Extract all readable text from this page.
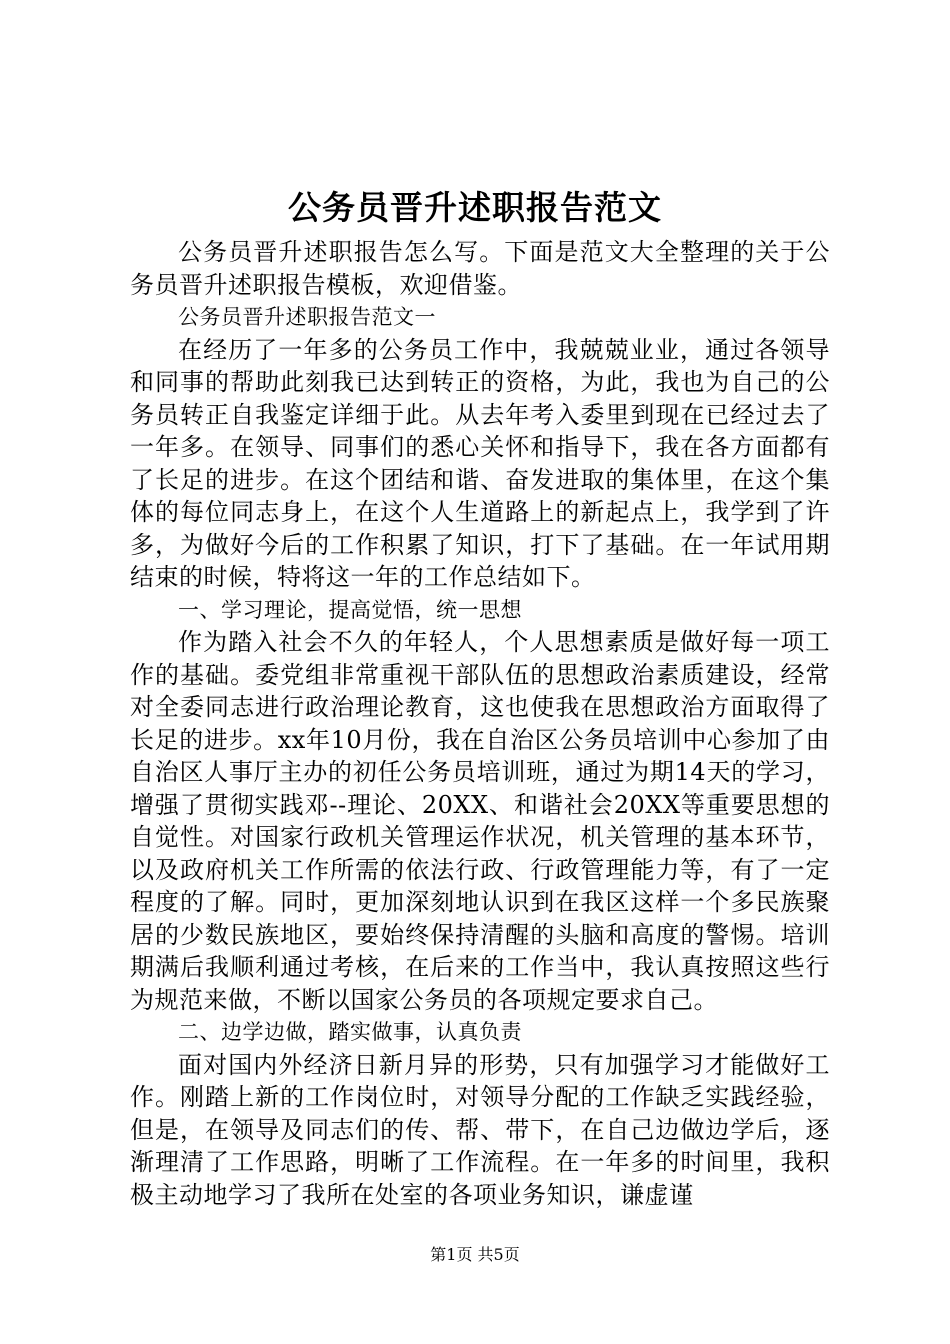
公务员晋升述职报告范文

公务员晋升述职报告怎么写。下面是范文大全整理的关于公务员晋升述职报告模板，欢迎借鉴。

公务员晋升述职报告范文一

在经历了一年多的公务员工作中，我兢兢业业，通过各领导和同事的帮助此刻我已达到转正的资格，为此，我也为自己的公务员转正自我鉴定详细于此。从去年考入委里到现在已经过去了一年多。在领导、同事们的悉心关怀和指导下，我在各方面都有了长足的进步。在这个团结和谐、奋发进取的集体里，在这个集体的每位同志身上，在这个人生道路上的新起点上，我学到了许多，为做好今后的工作积累了知识，打下了基础。在一年试用期结束的时候，特将这一年的工作总结如下。

一、学习理论，提高觉悟，统一思想

作为踏入社会不久的年轻人，个人思想素质是做好每一项工作的基础。委党组非常重视干部队伍的思想政治素质建设，经常对全委同志进行政治理论教育，这也使我在思想政治方面取得了长足的进步。xx年10月份，我在自治区公务员培训中心参加了由自治区人事厅主办的初任公务员培训班，通过为期14天的学习，增强了贯彻实践邓--理论、20XX、和谐社会20XX等重要思想的自觉性。对国家行政机关管理运作状况，机关管理的基本环节，以及政府机关工作所需的依法行政、行政管理能力等，有了一定程度的了解。同时，更加深刻地认识到在我区这样一个多民族聚居的少数民族地区，要始终保持清醒的头脑和高度的警惕。培训期满后我顺利通过考核，在后来的工作当中，我认真按照这些行为规范来做，不断以国家公务员的各项规定要求自己。

二、边学边做，踏实做事，认真负责

面对国内外经济日新月异的形势，只有加强学习才能做好工作。刚踏上新的工作岗位时，对领导分配的工作缺乏实践经验，但是，在领导及同志们的传、帮、带下，在自己边做边学后，逐渐理清了工作思路，明晰了工作流程。在一年多的时间里，我积极主动地学习了我所在处室的各项业务知识，谦虚谨

第1页 共5页
